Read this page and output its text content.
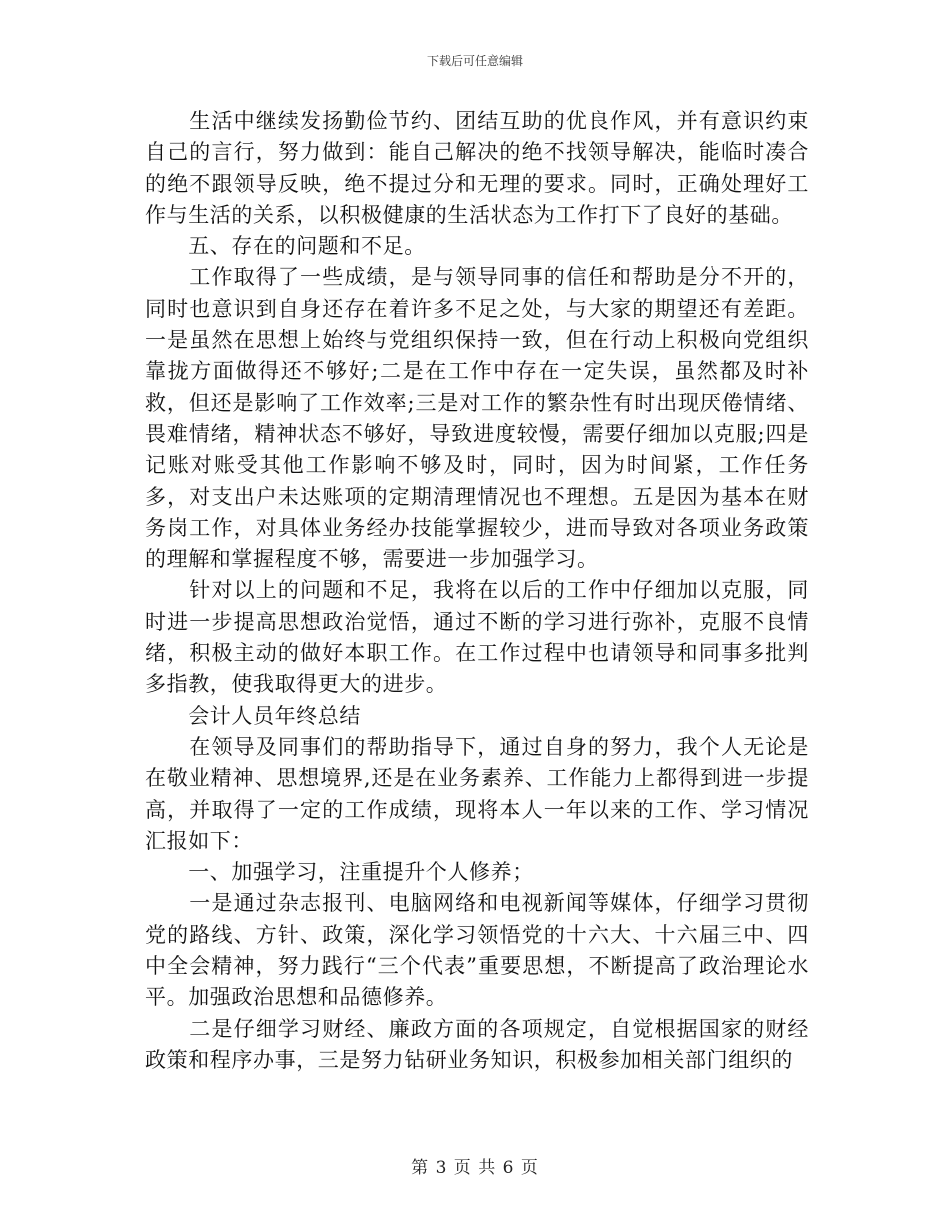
下载后可任意编辑

　　生活中继续发扬勤俭节约、团结互助的优良作风，并有意识约束自己的言行，努力做到：能自己解决的绝不找领导解决，能临时凑合的绝不跟领导反映，绝不提过分和无理的要求。同时，正确处理好工作与生活的关系，以积极健康的生活状态为工作打下了良好的基础。

　　五、存在的问题和不足。

　　工作取得了一些成绩，是与领导同事的信任和帮助是分不开的，同时也意识到自身还存在着许多不足之处，与大家的期望还有差距。一是虽然在思想上始终与党组织保持一致，但在行动上积极向党组织靠拢方面做得还不够好;二是在工作中存在一定失误，虽然都及时补救，但还是影响了工作效率;三是对工作的繁杂性有时出现厌倦情绪、畏难情绪，精神状态不够好，导致进度较慢，需要仔细加以克服;四是记账对账受其他工作影响不够及时，同时，因为时间紧，工作任务多，对支出户未达账项的定期清理情况也不理想。五是因为基本在财务岗工作，对具体业务经办技能掌握较少，进而导致对各项业务政策的理解和掌握程度不够，需要进一步加强学习。

　　针对以上的问题和不足，我将在以后的工作中仔细加以克服，同时进一步提高思想政治觉悟，通过不断的学习进行弥补，克服不良情绪，积极主动的做好本职工作。在工作过程中也请领导和同事多批判多指教，使我取得更大的进步。

　　会计人员年终总结

　　在领导及同事们的帮助指导下，通过自身的努力，我个人无论是在敬业精神、思想境界,还是在业务素养、工作能力上都得到进一步提高，并取得了一定的工作成绩，现将本人一年以来的工作、学习情况汇报如下：

　　一、加强学习，注重提升个人修养；

　　一是通过杂志报刊、电脑网络和电视新闻等媒体，仔细学习贯彻党的路线、方针、政策，深化学习领悟党的十六大、十六届三中、四中全会精神，努力践行“三个代表”重要思想，不断提高了政治理论水平。加强政治思想和品德修养。

　　二是仔细学习财经、廉政方面的各项规定，自觉根据国家的财经政策和程序办事，三是努力钻研业务知识，积极参加相关部门组织的

第 3 页 共 6 页
